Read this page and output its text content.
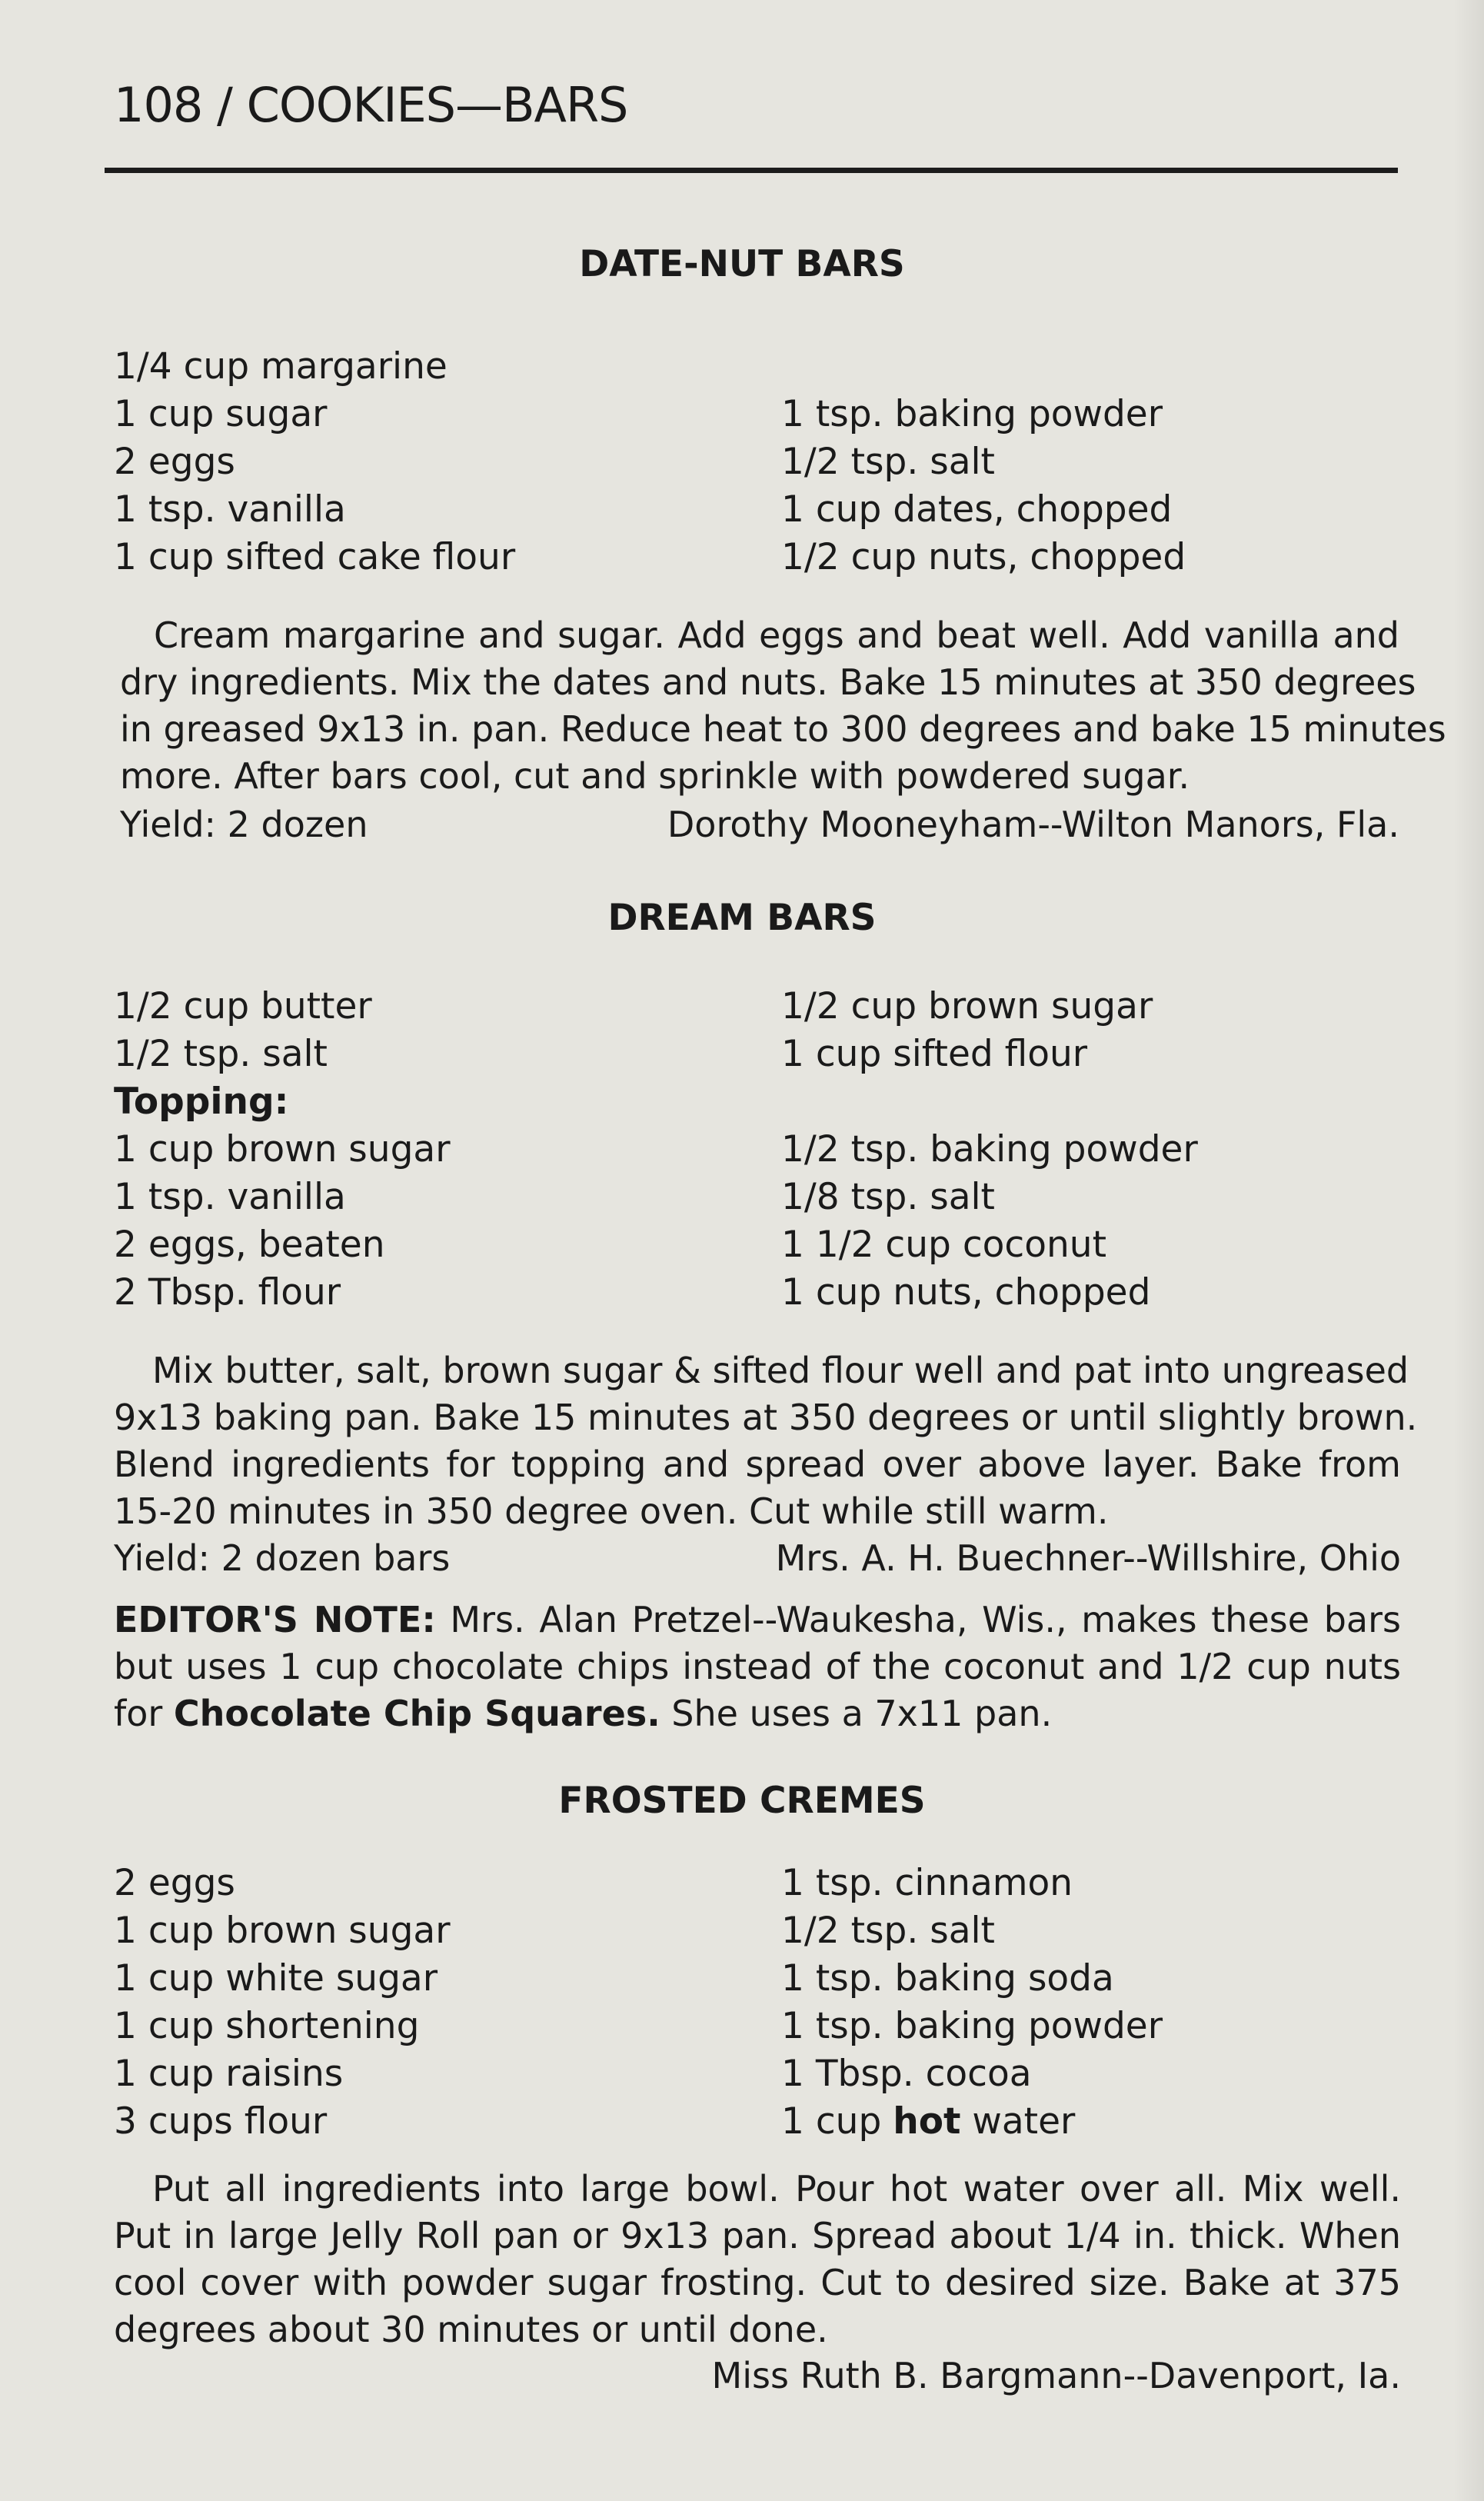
108 / COOKIES—BARS
DATE-NUT BARS
1/4 cup margarine
1 cup sugar
2 eggs
1 tsp. vanilla
1 cup sifted cake flour
1 tsp. baking powder
1/2 tsp. salt
1 cup dates, chopped
1/2 cup nuts, chopped
Cream margarine and sugar. Add eggs and beat well. Add vanilla and
dry ingredients. Mix the dates and nuts. Bake 15 minutes at 350 degrees
in greased 9x13 in. pan. Reduce heat to 300 degrees and bake 15 minutes
more. After bars cool, cut and sprinkle with powdered sugar.
Yield: 2 dozen	Dorothy Mooneyham--Wilton Manors, Fla.
DREAM BARS
1/2 cup butter
1/2 tsp. salt
Topping:
1 cup brown sugar
1 tsp. vanilla
2 eggs, beaten
2 Tbsp. flour
1/2 cup brown sugar
1 cup sifted flour

1/2 tsp. baking powder
1/8 tsp. salt
1 1/2 cup coconut
1 cup nuts, chopped
Mix butter, salt, brown sugar & sifted flour well and pat into ungreased
9x13 baking pan. Bake 15 minutes at 350 degrees or until slightly brown.
Blend ingredients for topping and spread over above layer. Bake from
15-20 minutes in 350 degree oven. Cut while still warm.
Yield: 2 dozen bars	Mrs. A. H. Buechner--Willshire, Ohio
EDITOR'S NOTE: Mrs. Alan Pretzel--Waukesha, Wis., makes these bars
but uses 1 cup chocolate chips instead of the coconut and 1/2 cup nuts
for Chocolate Chip Squares. She uses a 7x11 pan.
FROSTED CREMES
2 eggs
1 cup brown sugar
1 cup white sugar
1 cup shortening
1 cup raisins
3 cups flour
1 tsp. cinnamon
1/2 tsp. salt
1 tsp. baking soda
1 tsp. baking powder
1 Tbsp. cocoa
1 cup hot water
Put all ingredients into large bowl. Pour hot water over all. Mix well.
Put in large Jelly Roll pan or 9x13 pan. Spread about 1/4 in. thick. When
cool cover with powder sugar frosting. Cut to desired size. Bake at 375
degrees about 30 minutes or until done.
Miss Ruth B. Bargmann--Davenport, Ia.
